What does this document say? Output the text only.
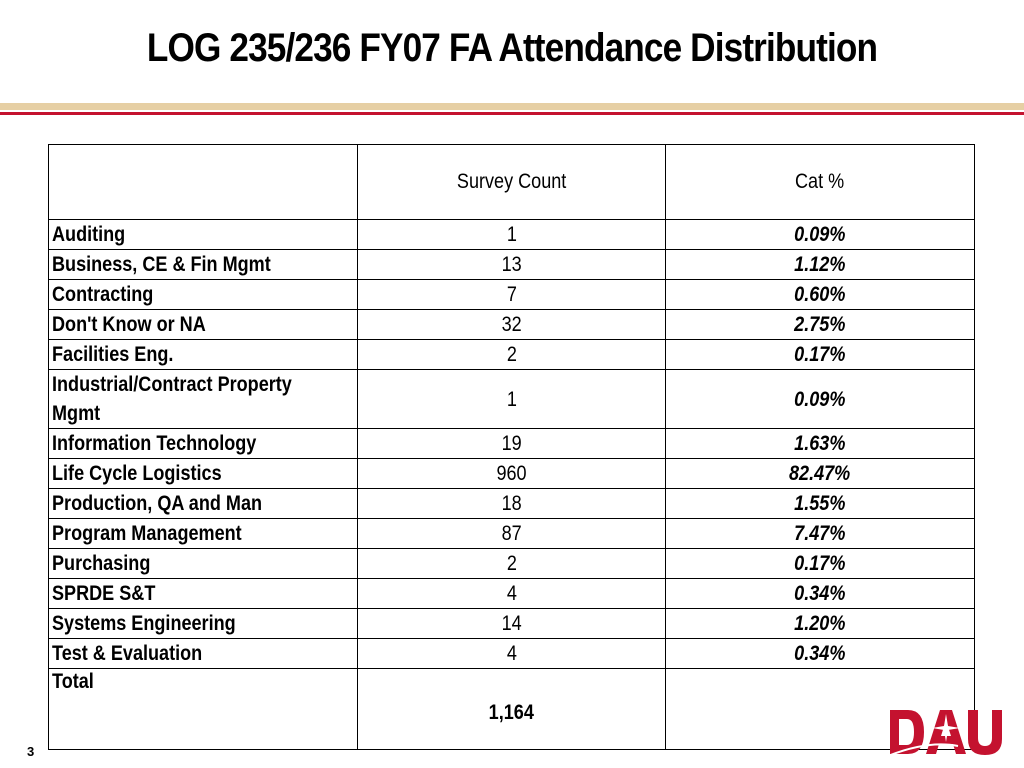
LOG 235/236 FY07 FA Attendance Distribution
	Survey Count	Cat %
Auditing	1	0.09%
Business, CE & Fin Mgmt	13	1.12%
Contracting	7	0.60%
Don't Know or NA	32	2.75%
Facilities Eng.	2	0.17%
Industrial/Contract Property
Mgmt	1	0.09%
Information Technology	19	1.63%
Life Cycle Logistics	960	82.47%
Production, QA and Man	18	1.55%
Program Management	87	7.47%
Purchasing	2	0.17%
SPRDE S&T	4	0.34%
Systems Engineering	14	1.20%
Test & Evaluation	4	0.34%
Total	1,164	
3
